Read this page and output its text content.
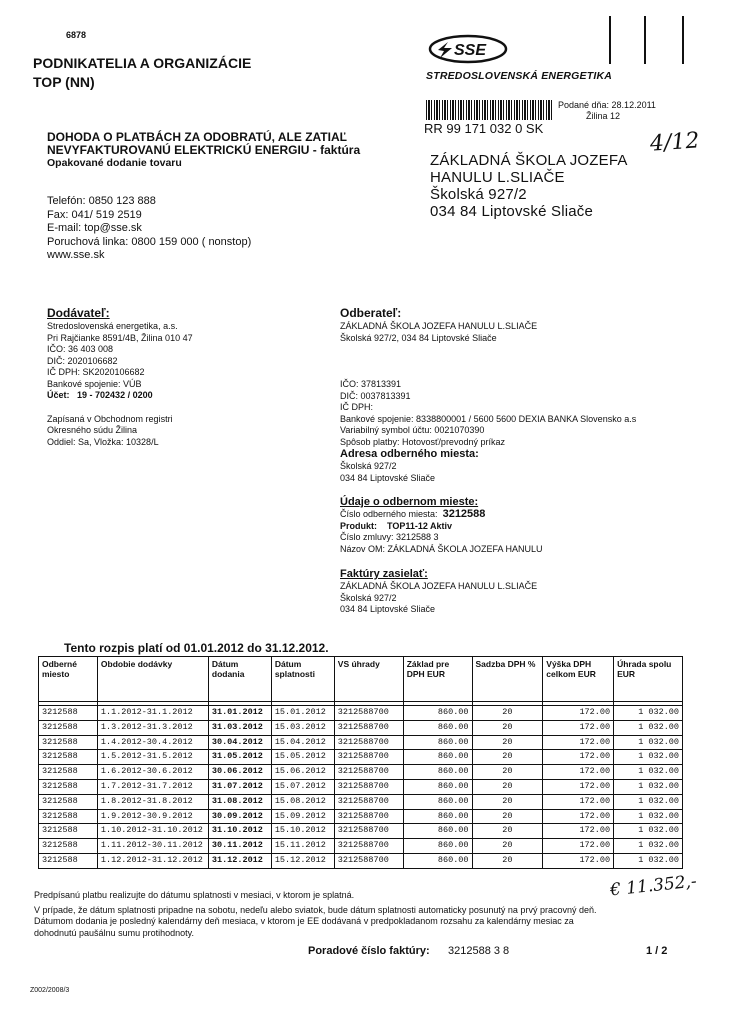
6878
PODNIKATELIA A ORGANIZÁCIE
TOP (NN)
SSE
STREDOSLOVENSKÁ ENERGETIKA
Podané dňa: 28.12.2011
Žilina 12
RR 99 171 032 0 SK	4/12
DOHODA O PLATBÁCH ZA ODOBRATÚ, ALE ZATIAĽ
NEVYFAKTUROVANÚ ELEKTRICKÚ ENERGIU - faktúra
Opakované dodanie tovaru
Telefón: 0850 123 888
Fax: 041/ 519 2519
E-mail: top@sse.sk
Poruchová linka: 0800 159 000 ( nonstop)
www.sse.sk
ZÁKLADNÁ ŠKOLA JOZEFA
HANULU L.SLIAČE
Školská 927/2
034 84 Liptovské Sliače
Dodávateľ:
Stredoslovenská energetika, a.s.
Pri Rajčianke 8591/4B, Žilina 010 47
IČO: 36 403 008
DIČ: 2020106682
IČ DPH: SK2020106682
Bankové spojenie: VÚB
Účet: 19 - 702432 / 0200
Zapísaná v Obchodnom registri
Okresného súdu Žilina
Oddiel: Sa, Vložka: 10328/L
Odberateľ:
ZÁKLADNÁ ŠKOLA JOZEFA HANULU L.SLIAČE
Školská 927/2, 034 84 Liptovské Sliače
IČO: 37813391
DIČ: 0037813391
IČ DPH:
Bankové spojenie: 8338800001 / 5600 5600 DEXIA BANKA Slovensko a.s
Variabilný symbol účtu: 0021070390
Spôsob platby: Hotovosť/prevodný príkaz
Adresa odberného miesta:
Školská 927/2
034 84 Liptovské Sliače
Údaje o odbernom mieste:
Číslo odberného miesta: 3212588
Produkt: TOP11-12 Aktiv
Číslo zmluvy: 3212588 3
Názov OM: ZÁKLADNÁ ŠKOLA JOZEFA HANULU
Faktúry zasielať:
ZÁKLADNÁ ŠKOLA JOZEFA HANULU L.SLIAČE
Školská 927/2
034 84 Liptovské Sliače
Tento rozpis platí od 01.01.2012 do 31.12.2012.
Odberné miesto	Obdobie dodávky	Dátum dodania	Dátum splatnosti	VS úhrady	Základ pre DPH EUR	Sadzba DPH %	Výška DPH celkom EUR	Úhrada spolu EUR

3212588	1.1.2012-31.1.2012	31.01.2012	15.01.2012	3212588700	860.00	20	172.00	1 032.00
3212588	1.3.2012-31.3.2012	31.03.2012	15.03.2012	3212588700	860.00	20	172.00	1 032.00
3212588	1.4.2012-30.4.2012	30.04.2012	15.04.2012	3212588700	860.00	20	172.00	1 032.00
3212588	1.5.2012-31.5.2012	31.05.2012	15.05.2012	3212588700	860.00	20	172.00	1 032.00
3212588	1.6.2012-30.6.2012	30.06.2012	15.06.2012	3212588700	860.00	20	172.00	1 032.00
3212588	1.7.2012-31.7.2012	31.07.2012	15.07.2012	3212588700	860.00	20	172.00	1 032.00
3212588	1.8.2012-31.8.2012	31.08.2012	15.08.2012	3212588700	860.00	20	172.00	1 032.00
3212588	1.9.2012-30.9.2012	30.09.2012	15.09.2012	3212588700	860.00	20	172.00	1 032.00
3212588	1.10.2012-31.10.2012	31.10.2012	15.10.2012	3212588700	860.00	20	172.00	1 032.00
3212588	1.11.2012-30.11.2012	30.11.2012	15.11.2012	3212588700	860.00	20	172.00	1 032.00
3212588	1.12.2012-31.12.2012	31.12.2012	15.12.2012	3212588700	860.00	20	172.00	1 032.00
€ 11.352,-
Predpísanú platbu realizujte do dátumu splatnosti v mesiaci, v ktorom je splatná.
V prípade, že dátum splatnosti pripadne na sobotu, nedeľu alebo sviatok, bude dátum splatnosti automaticky posunutý na prvý pracovný deň.
Dátumom dodania je posledný kalendárny deň mesiaca, v ktorom je EE dodávaná v predpokladanom rozsahu za kalendárny mesiac za
dohodnutú paušálnu sumu protihodnoty.
Poradové číslo faktúry: 3212588 3 8	1 / 2
Z002/2008/3
